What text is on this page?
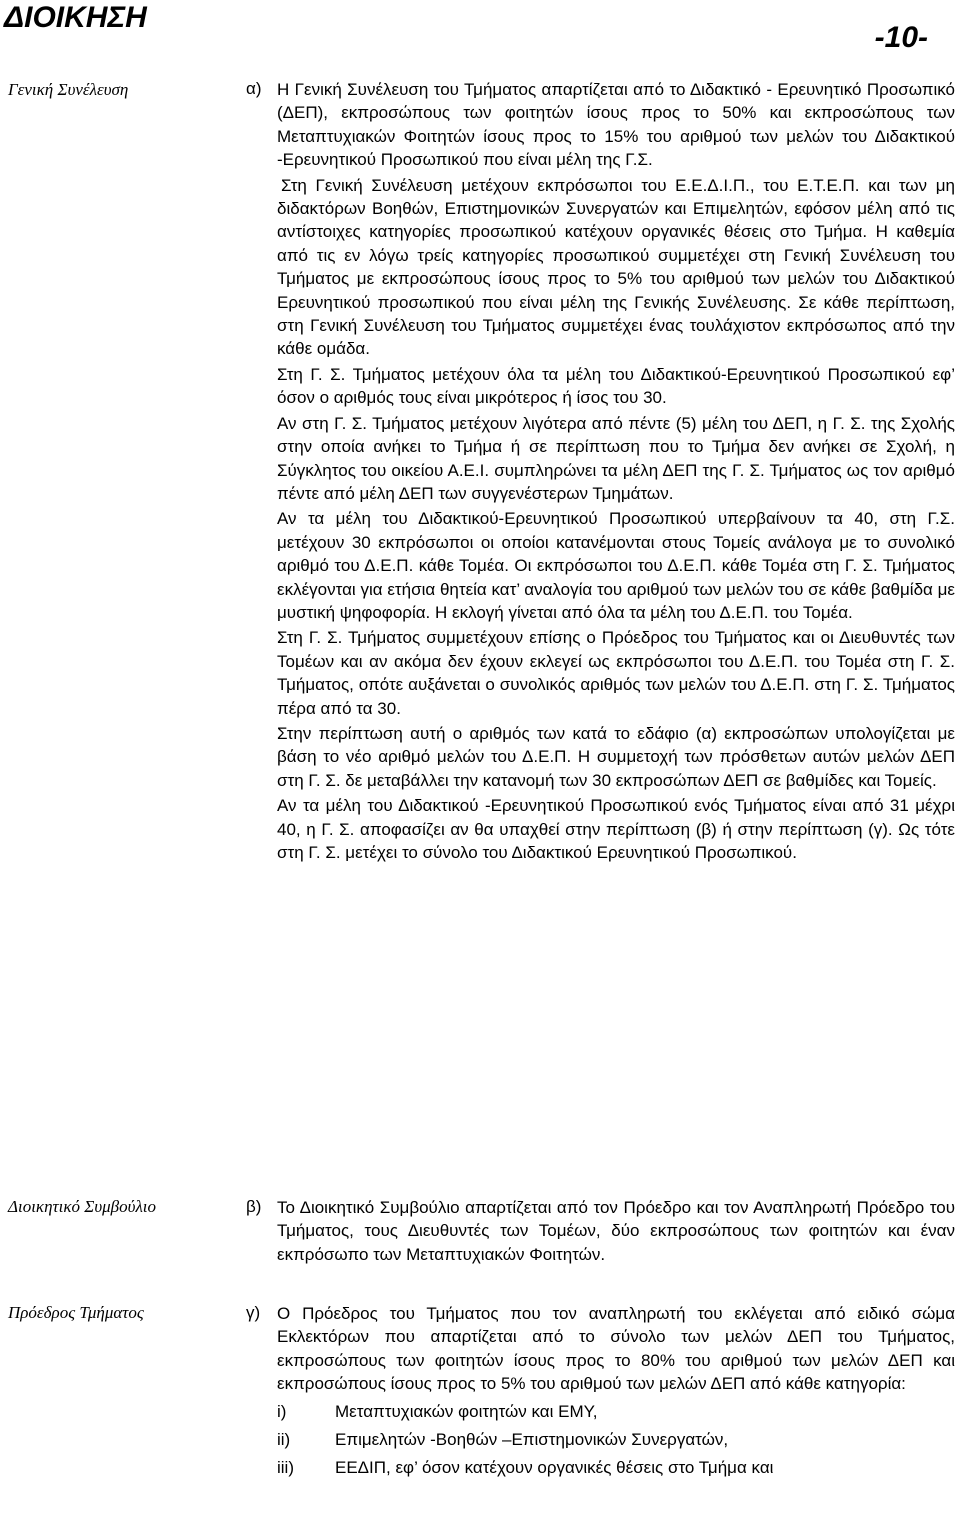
ΔΙΟΙΚΗΣΗ
-10-
Γενική Συνέλευση
Διοικητικό Συμβούλιο
Πρόεδρος Τμήματος
α) Η Γενική Συνέλευση του Τμήματος απαρτίζεται από το Διδακτικό - Ερευνητικό Προσωπικό (ΔΕΠ), εκπροσώπους των φοιτητών ίσους προς το 50% και εκπροσώπους των Μεταπτυχιακών Φοιτητών ίσους προς το 15% του αριθμού των μελών του Διδακτικού -Ερευνητικού Προσωπικού που είναι μέλη της Γ.Σ.

Στη Γενική Συνέλευση μετέχουν εκπρόσωποι του Ε.Ε.Δ.Ι.Π., του Ε.Τ.Ε.Π. και των μη διδακτόρων Βοηθών, Επιστημονικών Συνεργατών και Επιμελητών, εφόσον μέλη από τις αντίστοιχες κατηγορίες προσωπικού κατέχουν οργανικές θέσεις στο Τμήμα. Η καθεμία από τις εν λόγω τρείς κατηγορίες προσωπικού συμμετέχει στη Γενική Συνέλευση του Τμήματος με εκπροσώπους ίσους προς το 5% του αριθμού των μελών του Διδακτικού Ερευνητικού προσωπικού που είναι μέλη της Γενικής Συνέλευσης. Σε κάθε περίπτωση, στη Γενική Συνέλευση του Τμήματος συμμετέχει ένας τουλάχιστον εκπρόσωπος από την κάθε ομάδα.

Στη Γ. Σ. Τμήματος μετέχουν όλα τα μέλη του Διδακτικού-Ερευνητικού Προσωπικού εφ’ όσον ο αριθμός τους είναι μικρότερος ή ίσος του 30.

Αν στη Γ. Σ. Τμήματος μετέχουν λιγότερα από πέντε (5) μέλη του ΔΕΠ, η Γ. Σ. της Σχολής στην οποία ανήκει το Τμήμα ή σε περίπτωση που το Τμήμα δεν ανήκει σε Σχολή, η Σύγκλητος του οικείου Α.Ε.Ι. συμπληρώνει τα μέλη ΔΕΠ της Γ. Σ. Τμήματος ως τον αριθμό πέντε από μέλη ΔΕΠ των συγγενέστερων Τμημάτων.

Αν τα μέλη του Διδακτικού-Ερευνητικού Προσωπικού υπερβαίνουν τα 40, στη Γ.Σ. μετέχουν 30 εκπρόσωποι οι οποίοι κατανέμονται στους Τομείς ανάλογα με το συνολικό αριθμό του Δ.Ε.Π. κάθε Τομέα. Οι εκπρόσωποι του Δ.Ε.Π. κάθε Τομέα στη Γ. Σ. Τμήματος εκλέγονται για ετήσια θητεία κατ’ αναλογία του αριθμού των μελών του σε κάθε βαθμίδα με μυστική ψηφοφορία. Η εκλογή γίνεται από όλα τα μέλη του Δ.Ε.Π. του Τομέα.

Στη Γ. Σ. Τμήματος συμμετέχουν επίσης ο Πρόεδρος του Τμήματος και οι Διευθυντές των Τομέων και αν ακόμα δεν έχουν εκλεγεί ως εκπρόσωποι του Δ.Ε.Π. του Τομέα στη Γ. Σ. Τμήματος, οπότε αυξάνεται ο συνολικός αριθμός των μελών του Δ.Ε.Π. στη Γ. Σ. Τμήματος πέρα από τα 30.

Στην περίπτωση αυτή ο αριθμός των κατά το εδάφιο (α) εκπροσώπων υπολογίζεται με βάση το νέο αριθμό μελών του Δ.Ε.Π. Η συμμετοχή των πρόσθετων αυτών μελών ΔΕΠ στη Γ. Σ. δε μεταβάλλει την κατανομή των 30 εκπροσώπων ΔΕΠ σε βαθμίδες και Τομείς.

Αν τα μέλη του Διδακτικού -Ερευνητικού Προσωπικού ενός Τμήματος είναι από 31 μέχρι 40, η Γ. Σ. αποφασίζει αν θα υπαχθεί στην περίπτωση (β) ή στην περίπτωση (γ). Ως τότε στη Γ. Σ. μετέχει το σύνολο του Διδακτικού Ερευνητικού Προσωπικού.

β) Το Διοικητικό Συμβούλιο απαρτίζεται από τον Πρόεδρο και τον Αναπληρωτή Πρόεδρο του Τμήματος, τους Διευθυντές των Τομέων, δύο εκπροσώπους των φοιτητών και έναν εκπρόσωπο των Μεταπτυχιακών Φοιτητών.

γ) Ο Πρόεδρος του Τμήματος που τον αναπληρωτή του εκλέγεται από ειδικό σώμα Εκλεκτόρων που απαρτίζεται από το σύνολο των μελών ΔΕΠ του Τμήματος, εκπροσώπους των φοιτητών ίσους προς το 80% του αριθμού των μελών ΔΕΠ και εκπροσώπους ίσους προς το 5% του αριθμού των μελών ΔΕΠ από κάθε κατηγορία:

i)	Μεταπτυχιακών φοιτητών και ΕΜΥ,
ii)	Επιμελητών -Βοηθών –Επιστημονικών Συνεργατών,
iii) ΕΕΔΙΠ, εφ’ όσον κατέχουν οργανικές θέσεις στο Τμήμα και
